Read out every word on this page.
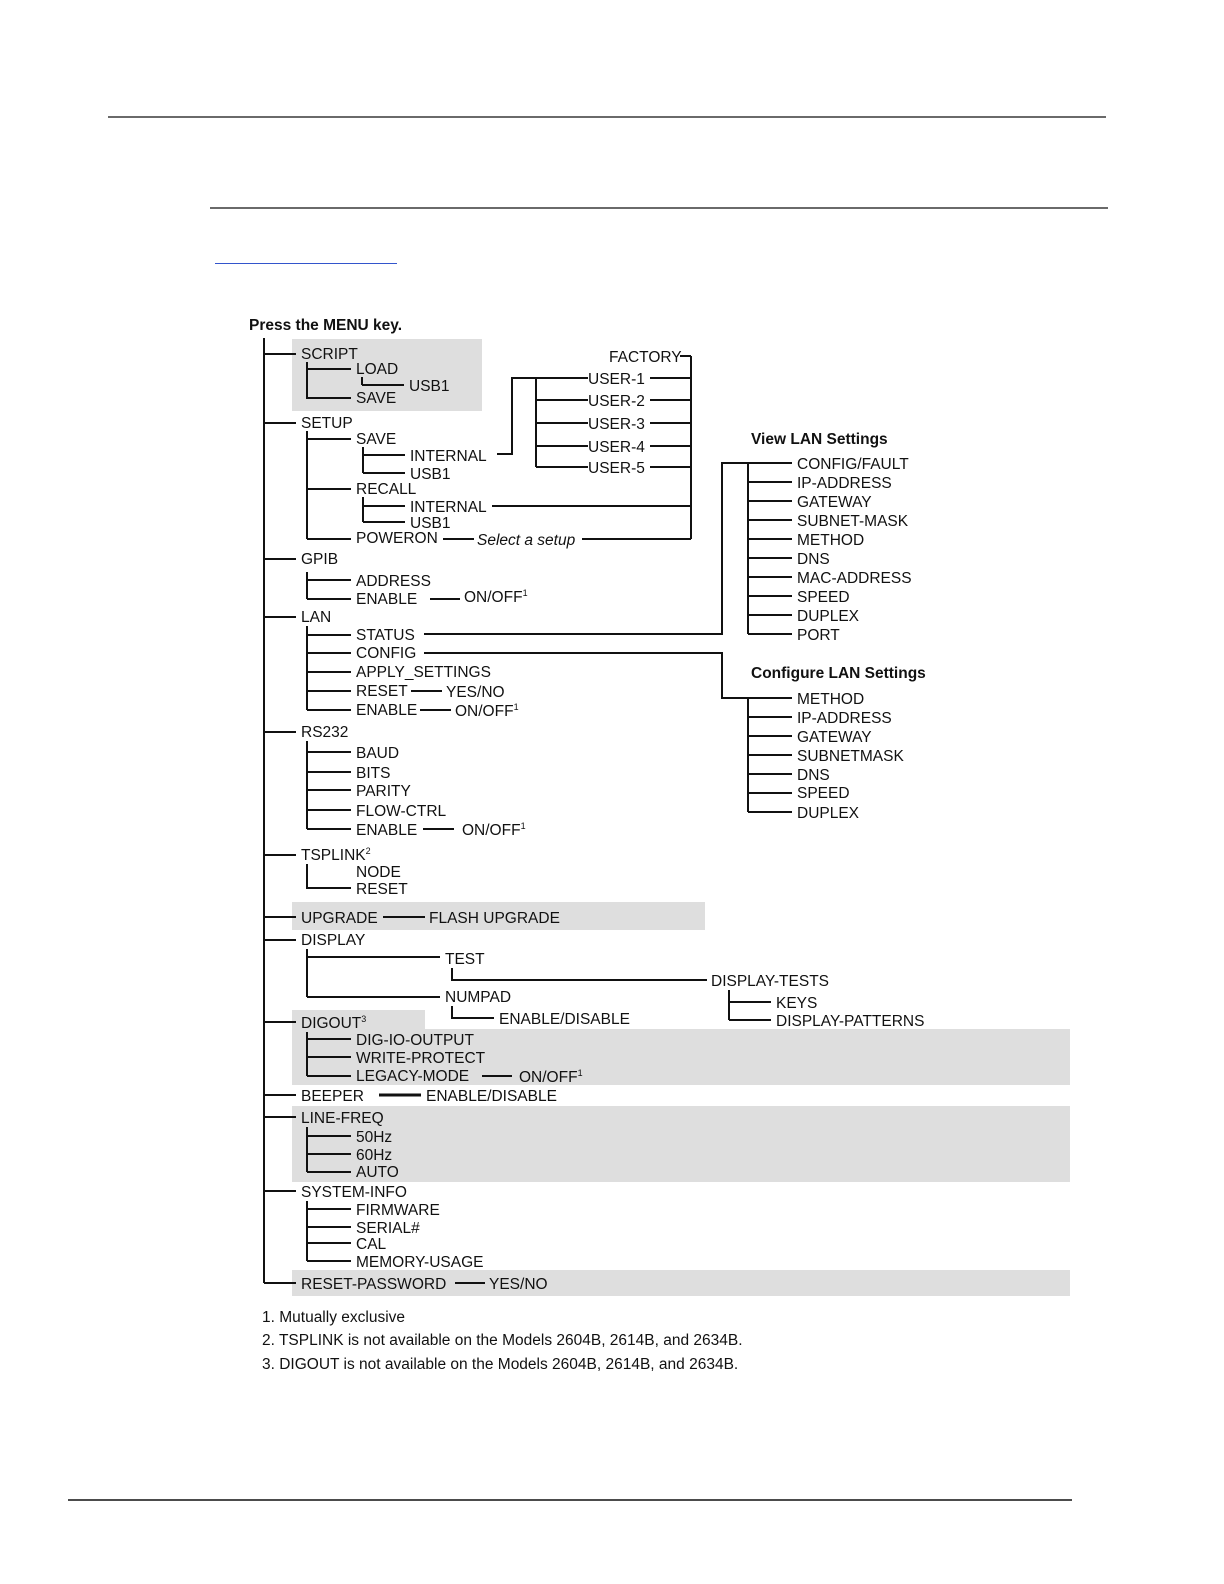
Press the MENU key.
SCRIPT
LOAD
USB1
SAVE
SETUP
SAVE
INTERNAL
USB1
RECALL
INTERNAL
USB1
POWERON	Select a setup
FACTORY
USER-1
USER-2
USER-3
USER-4
USER-5
GPIB
ADDRESS
ENABLE	ON/OFF$^1$
LAN
STATUS
CONFIG
APPLY_SETTINGS
RESET YES/NO
ENABLE ON/OFF$^1$
View LAN Settings
CONFIG/FAULT
IP-ADDRESS
GATEWAY
SUBNET-MASK
METHOD
DNS
MAC-ADDRESS
SPEED
DUPLEX
PORT
Configure LAN Settings
METHOD
IP-ADDRESS
GATEWAY
SUBNETMASK
DNS
SPEED
DUPLEX
RS232
BAUD
BITS
PARITY
FLOW-CTRL
ENABLE	ON/OFF$^1$
TSPLINK$^2$
NODE
RESET
UPGRADE	FLASH UPGRADE
DISPLAY
TEST
DISPLAY-TESTS
KEYS
DISPLAY-PATTERNS
NUMPAD
ENABLE/DISABLE
DIGOUT$^3$
DIG-IO-OUTPUT
WRITE-PROTECT
LEGACY-MODE	ON/OFF$^1$
BEEPER	ENABLE/DISABLE
LINE-FREQ
50Hz
60Hz
AUTO
SYSTEM-INFO
FIRMWARE
SERIAL#
CAL
MEMORY-USAGE
RESET-PASSWORD	YES/NO
1. Mutually exclusive
2. TSPLINK is not available on the Models 2604B, 2614B, and 2634B.
3. DIGOUT is not available on the Models 2604B, 2614B, and 2634B.
